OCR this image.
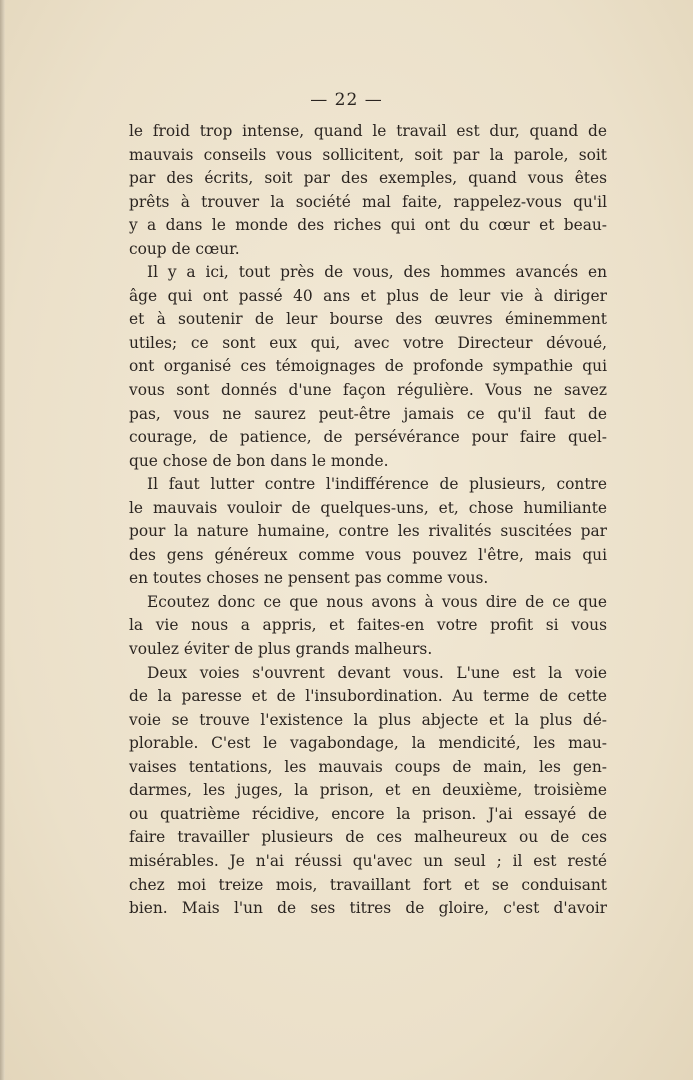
— 22 —
le froid trop intense, quand le travail est dur, quand de
mauvais conseils vous sollicitent, soit par la parole, soit
par des écrits, soit par des exemples, quand vous êtes
prêts à trouver la société mal faite, rappelez-vous qu'il
y a dans le monde des riches qui ont du cœur et beau-
coup de cœur.
Il y a ici, tout près de vous, des hommes avancés en
âge qui ont passé 40 ans et plus de leur vie à diriger
et à soutenir de leur bourse des œuvres éminemment
utiles; ce sont eux qui, avec votre Directeur dévoué,
ont organisé ces témoignages de profonde sympathie qui
vous sont donnés d'une façon régulière. Vous ne savez
pas, vous ne saurez peut-être jamais ce qu'il faut de
courage, de patience, de persévérance pour faire quel-
que chose de bon dans le monde.
Il faut lutter contre l'indifférence de plusieurs, contre
le mauvais vouloir de quelques-uns, et, chose humiliante
pour la nature humaine, contre les rivalités suscitées par
des gens généreux comme vous pouvez l'être, mais qui
en toutes choses ne pensent pas comme vous.
Ecoutez donc ce que nous avons à vous dire de ce que
la vie nous a appris, et faites-en votre profit si vous
voulez éviter de plus grands malheurs.
Deux voies s'ouvrent devant vous. L'une est la voie
de la paresse et de l'insubordination. Au terme de cette
voie se trouve l'existence la plus abjecte et la plus dé-
plorable. C'est le vagabondage, la mendicité, les mau-
vaises tentations, les mauvais coups de main, les gen-
darmes, les juges, la prison, et en deuxième, troisième
ou quatrième récidive, encore la prison. J'ai essayé de
faire travailler plusieurs de ces malheureux ou de ces
misérables. Je n'ai réussi qu'avec un seul ; il est resté
chez moi treize mois, travaillant fort et se conduisant
bien. Mais l'un de ses titres de gloire, c'est d'avoir
